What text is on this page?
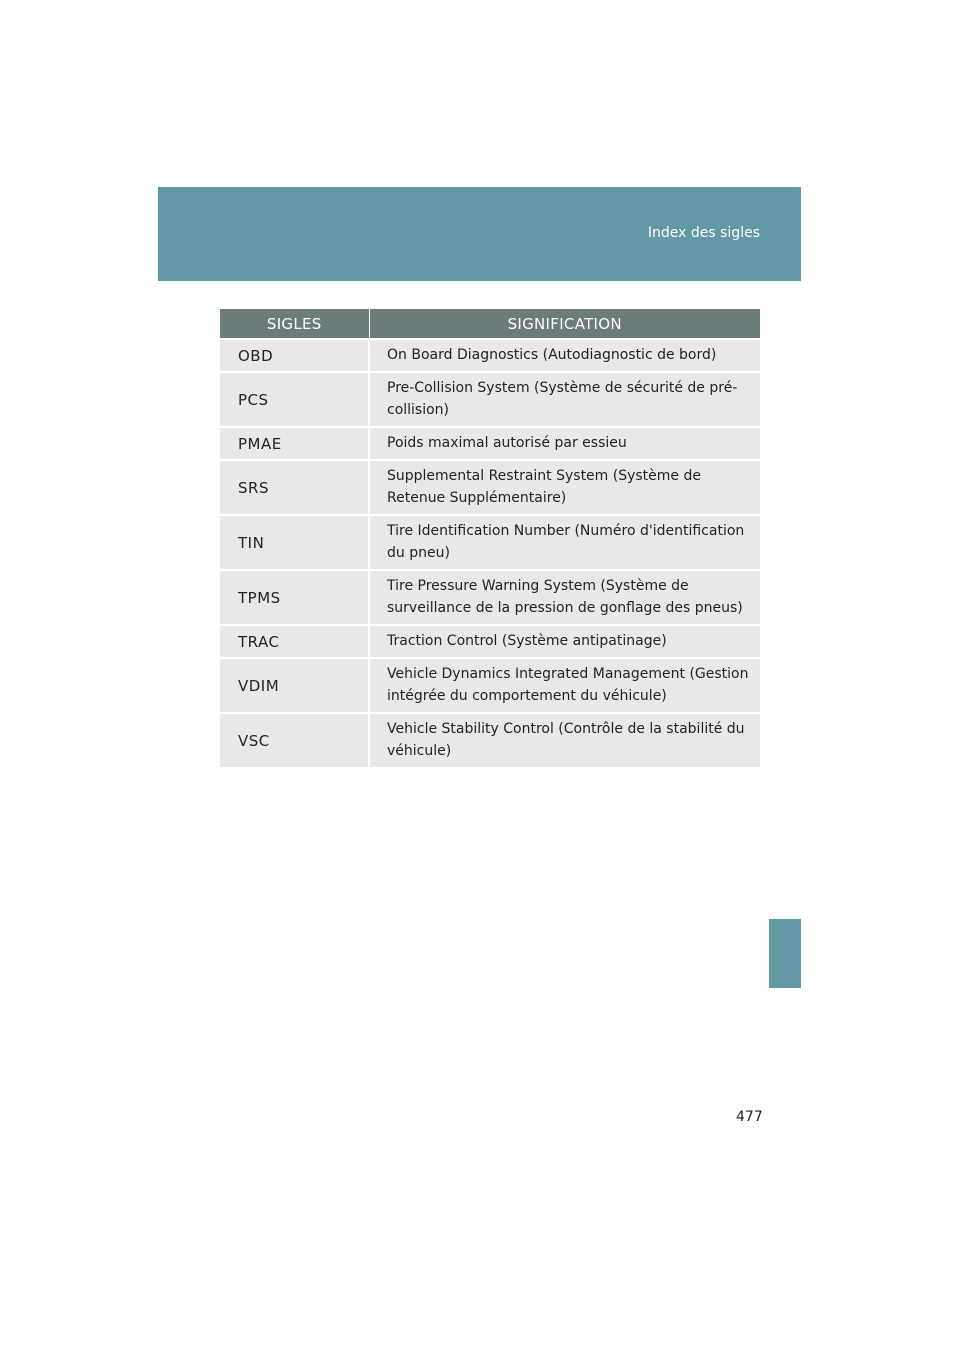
Index des sigles
SIGLES	SIGNIFICATION
OBD	On Board Diagnostics (Autodiagnostic de bord)
PCS	Pre-Collision System (Système de sécurité de pré-collision)
PMAE	Poids maximal autorisé par essieu
SRS	Supplemental Restraint System (Système de Retenue Supplémentaire)
TIN	Tire Identification Number (Numéro d'identification du pneu)
TPMS	Tire Pressure Warning System (Système de surveillance de la pression de gonflage des pneus)
TRAC	Traction Control (Système antipatinage)
VDIM	Vehicle Dynamics Integrated Management (Gestion intégrée du comportement du véhicule)
VSC	Vehicle Stability Control (Contrôle de la stabilité du véhicule)
477
